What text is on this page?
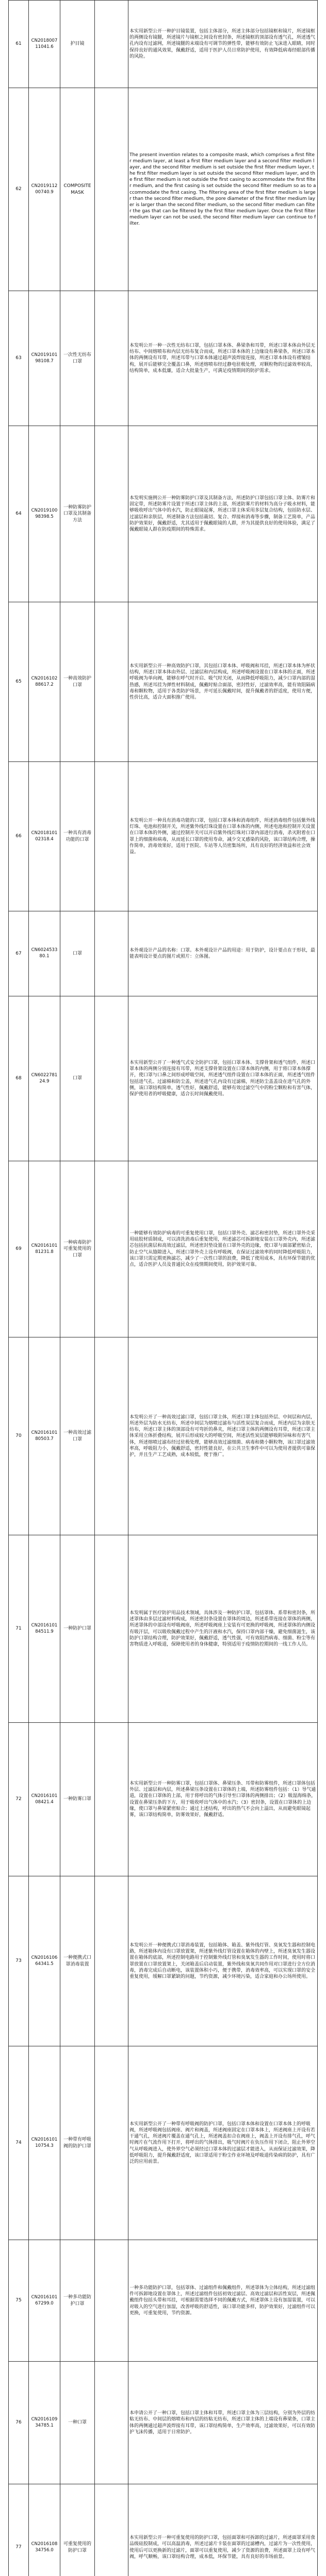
61	CN201800711041.6	护目镜		本实用新型公开一种护目镜装置，包括主体部分，所述主体部分包括镜框和镜片，所述镜框的两侧设有镜腿，所述镜片与镜框之间设有密封条，所述镜框的顶部设有透气孔，所述透气孔内设有过滤网，所述镜腿的末端设有可调节的弹性带，能够有效防止飞沫进入眼睛，同时保持良好的通风效果，佩戴舒适，适用于医护人员日常防护使用，有效降低病毒经眼部传播的风险。
62	CN201911200740.9	COMPOSITE MASK		The present invention relates to a composite mask, which comprises a first filter medium layer, at least a first filter medium layer and a second filter medium layer, and the second filter medium is set outside the first filter medium layer, the first filter medium layer is set outside the second filter medium layer, and the first filter medium is not outside the first casing to accommodate the first filter medium, and the first casing is set outside the second filter medium so as to accommodate the first casing. The filtering area of the first filter medium is larger than the second filter medium, the pore diameter of the first filter medium layer is larger than the second filter medium, so the second filter medium can filter the gas that can be filtered by the first filter medium layer. Once the first filter medium layer can not be used, the second filter medium layer can continue to filter.
63	CN201910198108.7	一次性无纺布口罩		本发明公开一种一次性无纺布口罩，包括口罩本体、鼻梁条和耳带，所述口罩本体由外层无纺布、中间熔喷布和内层无纺布复合而成，所述口罩本体的上边缘设有鼻梁条，所述口罩本体的两侧设有耳带，所述耳带与口罩本体通过超声波焊接连接，所述口罩本体设有褶皱结构，展开后能够完全覆盖口鼻，所述熔喷布经过静电驻极处理，对颗粒物的过滤效率较高，结构简单，成本低廉，适合大批量生产，可满足疫情期间的防护需求。
64	CN201910098398.5	一种防雾防护口罩及其制备方法		本发明实施例公开一种防雾防护口罩及其制备方法，所述防护口罩包括口罩主体、防雾片和固定带，所述防雾片设置于所述口罩主体的上部，所述防雾片的材料为高分子吸水材料，能够吸收呼出气体中的水汽，防止眼镜起雾，所述口罩主体采用多层复合结构，包括防水层、过滤层和亲肤层，所述制备方法包括裁切、复合、焊接和消毒等步骤，制备工艺简单，产品防护效果好，佩戴舒适，尤其适用于佩戴眼镜的人群，并为其提供良好的使用体验，满足了佩戴眼镜人群在防疫期间的特殊需求。
65	CN201610288617.2	一种高效防护口罩		本实用新型公开一种高效防护口罩，其包括口罩本体、呼吸阀和耳挂，所述口罩本体为杯状结构，所述口罩本体由外层、过滤层和内层构成，所述呼吸阀设置在口罩本体的正面，所述呼吸阀为单向阀，能够在呼气时开启、吸气时关闭，从而降低呼吸阻力，减少口罩内部的湿热感，所述耳挂为弹性材料制成，佩戴时贴合面部，密封性好，过滤效率高，能有效阻隔病毒和颗粒物，适用于各类防护场景，并可延长佩戴时间，提升佩戴者的舒适度，使用方便，性价比高，适合大面积推广使用。
66	CN201810102318.4	一种具有消毒功能的口罩		本发明公开一种具有消毒功能的口罩，包括口罩本体和消毒组件，所述消毒组件包括紫外线灯珠、电池和控制开关，所述紫外线灯珠设置在口罩本体的内侧，所述电池和控制开关设置在口罩本体的外侧，通过控制开关可以开启紫外线灯珠对口罩内部进行消毒，杀灭附着在口罩上的细菌和病毒，从而延长口罩的使用寿命，减少交叉感染的风险，该口罩结构合理，操作简单，消毒效果好，适用于医院、车站等人员密集场所，具有良好的经济效益和社会效益。
67	CN602453380.1	口罩		本外观设计产品的名称：口罩。本外观设计产品的用途：用于防护，设计要点在于形状，最能表明设计要点的图片或照片：立体图。
68	CN602278124.9	口罩		本实用新型公开了一种透气式安全防护口罩，包括口罩本体、支撑骨架和透气组件，所述口罩本体的两侧分别连接有耳带，所述支撑骨架设置在口罩本体的内侧，用于将口罩本体撑开，使口罩与口鼻之间形成呼吸空间，所述透气组件设置在口罩本体的正面，所述透气组件包括进气孔、过滤棉和防尘盖，所述进气孔内设有过滤棉，所述防尘盖盖设在进气孔的外侧，该口罩结构简单，透气性好，佩戴舒适，能够有效过滤空气中的粉尘颗粒和有害气体，保护使用者的呼吸健康，适合长时间佩戴使用。
69	CN201610181231.8	一种病毒防护可重复使用的口罩		一种能够有效防护病毒的可重复使用口罩，包括口罩外壳、滤芯和密封垫，所述口罩外壳采用硅胶材质制成，可以清洗消毒后重复使用，所述滤芯可拆卸地安装在口罩外壳内，所述滤芯包括抗菌层和高效过滤层，所述密封垫设置在口罩外壳的边缘，使口罩与面部紧密贴合，防止空气从缝隙进入，所述口罩外壳上设有呼吸阀，在保证过滤效率的同时降低呼吸阻力，该口罩只需定期更换滤芯，减少了一次性口罩的浪费，降低了使用成本，具有环保节能的优点，适合医护人员及普通民众在疫情期间使用，防护效果可靠。
70	CN201610180503.7	一种高效过滤口罩		本发明公开了一种高效过滤口罩，包括口罩主体，所述口罩主体包括外层、中间层和内层，所述外层为防水无纺布，所述中间层为熔喷过滤布与活性炭层复合而成，所述内层为亲肤无纺布，所述口罩主体的顶部设有可弯折的鼻夹，所述口罩主体的两侧设有耳带，所述口罩主体采用立体折叠结构，展开后形成较大的呼吸空间，所述活性炭层能够吸附异味和有害气体，所述熔喷过滤布经过驻极处理，能够高效过滤细菌、病毒和微小颗粒物，该口罩过滤效率高，呼吸阻力小，佩戴舒适，密封性能良好，在公共卫生事件中可以为使用者提供可靠保护，并且生产工艺成熟，成本较低，便于推广。
71	CN201610184511.9	一种防护口罩		本发明属于医疗防护用品技术领域，具体涉及一种防护口罩，包括罩体、系带和密封条，所述罩体由多层过滤材料构成，所述密封条设置在罩体的周边，所述系带连接在罩体的两侧，所述罩体的中部设有呼吸阀座，所述呼吸阀座上安装有可更换的呼吸阀，所述罩体的内侧设有吸汗层，可以吸收佩戴过程中产生的汗液和水汽，保持口罩内部干燥，避免细菌滋生，该防护口罩结构合理，防护效果好，佩戴舒适，透气性强，可有效阻挡病毒、细菌、粉尘等有害物质进入呼吸道，保障使用者的身体健康，特别适用于疫情防控期间的一线工作人员。
72	CN201610108421.4	一种防雾口罩		本实用新型公开一种防雾口罩，包括口罩体、鼻梁压条、耳带和防雾组件，所述口罩体包括外层、过滤层和内层，所述鼻梁压条设置在口罩体的上端，所述防雾组件包括：（1）导气通道，设置在口罩体的上部，用于将呼出的气体引导至口罩体的两侧排出；（2）吸湿海绵条，设置在鼻梁压条的下方，用于吸收呼出气体中的水汽；（3）密封条，设置在口罩体的上边缘，使口罩与鼻梁紧密贴合；通过上述结构，呼出的热气不会向上溢出，从而避免眼镜起雾，该口罩结构简单，防雾效果好，佩戴舒适。
73	CN201610664341.5	一种便携式口罩消毒装置		本发明公开一种便携式口罩消毒装置，包括箱体、箱盖、紫外线灯管、臭氧发生器和控制电路，所述箱体内设有口罩放置架，所述紫外线灯管设置在箱体的内壁上，所述臭氧发生器设置在箱体的底部，所述控制电路用于控制紫外线灯管和臭氧发生器的工作时间，使用时将口罩放置在口罩放置架上，关闭箱盖后启动装置，紫外线和臭氧共同作用对口罩进行全方位消毒，消毒完成后自动断电，该装置体积小巧，便于携带，消毒效率高，可以实现口罩的安全重复使用，缓解口罩紧缺的问题，节约资源，减少环境污染，适合家庭和办公场所使用。
74	CN201610110754.3	一种带有呼吸阀的防护口罩		本实用新型公开了一种带有呼吸阀的防护口罩，包括口罩本体和设置在口罩本体上的呼吸阀，所述呼吸阀包括阀座、阀片和阀盖，所述阀座固定在口罩本体上，所述阀座上开设有若干通气孔，所述阀片覆盖在通气孔上，所述阀盖扣合在阀座上，阀盖上开设有排气孔，呼气时阀片在气流作用下打开，将呼出的气体排出，吸气时阀片在负压作用下闭合，阻止外界空气从呼吸阀进入，使外界空气必须经过口罩本体的过滤层才能进入，从而保证过滤效果，降低呼吸阻力，提升佩戴舒适度，该口罩适用于粉尘作业环境及呼吸道传染病的防护，具有广泛的应用前景。
75	CN201610167299.0	一种多功能防护口罩		一种多功能防护口罩，包括罩体、过滤组件和佩戴组件，所述罩体为立体结构，所述过滤组件可拆卸地设置在罩体上，所述过滤组件包括初效过滤层、高效过滤层和活性炭层，所述佩戴组件包括头带和耳挂，可根据需要选择不同的佩戴方式，所述罩体上设有加湿装置，可以对吸入的空气进行加湿，改善呼吸的舒适性，该口罩功能多样，防护效果好，过滤组件可以更换，可重复使用，节约资源。
76	CN201610934785.1	一种口罩		本申请公开了一种口罩，包括口罩主体和耳带，所述口罩主体为三层结构，分别为外层的纺粘无纺布、中间层的熔喷布和内层的纺粘无纺布，所述口罩主体的上端设有鼻梁条，口罩主体的两侧通过超声波焊接有耳带，该口罩结构简单，生产效率高，过滤效果好，可以有效防护飞沫传播，适用于日常防护。
77	CN201610834756.0	可重复使用的防护口罩		本实用新型公开一种可重复使用的防护口罩，包括面罩和可拆卸的过滤片，所述面罩采用食品级硅胶制成，可以高温消毒，所述过滤片卡装在面罩的过滤槽内，过滤片为一次性使用，使用后可以更换新的过滤片，面罩可以重复使用，减少了资源的浪费，所述面罩上设有呼气阀，呼气顺畅，该口罩结构合理，成本低，环保节能，具有良好的市场前景。
